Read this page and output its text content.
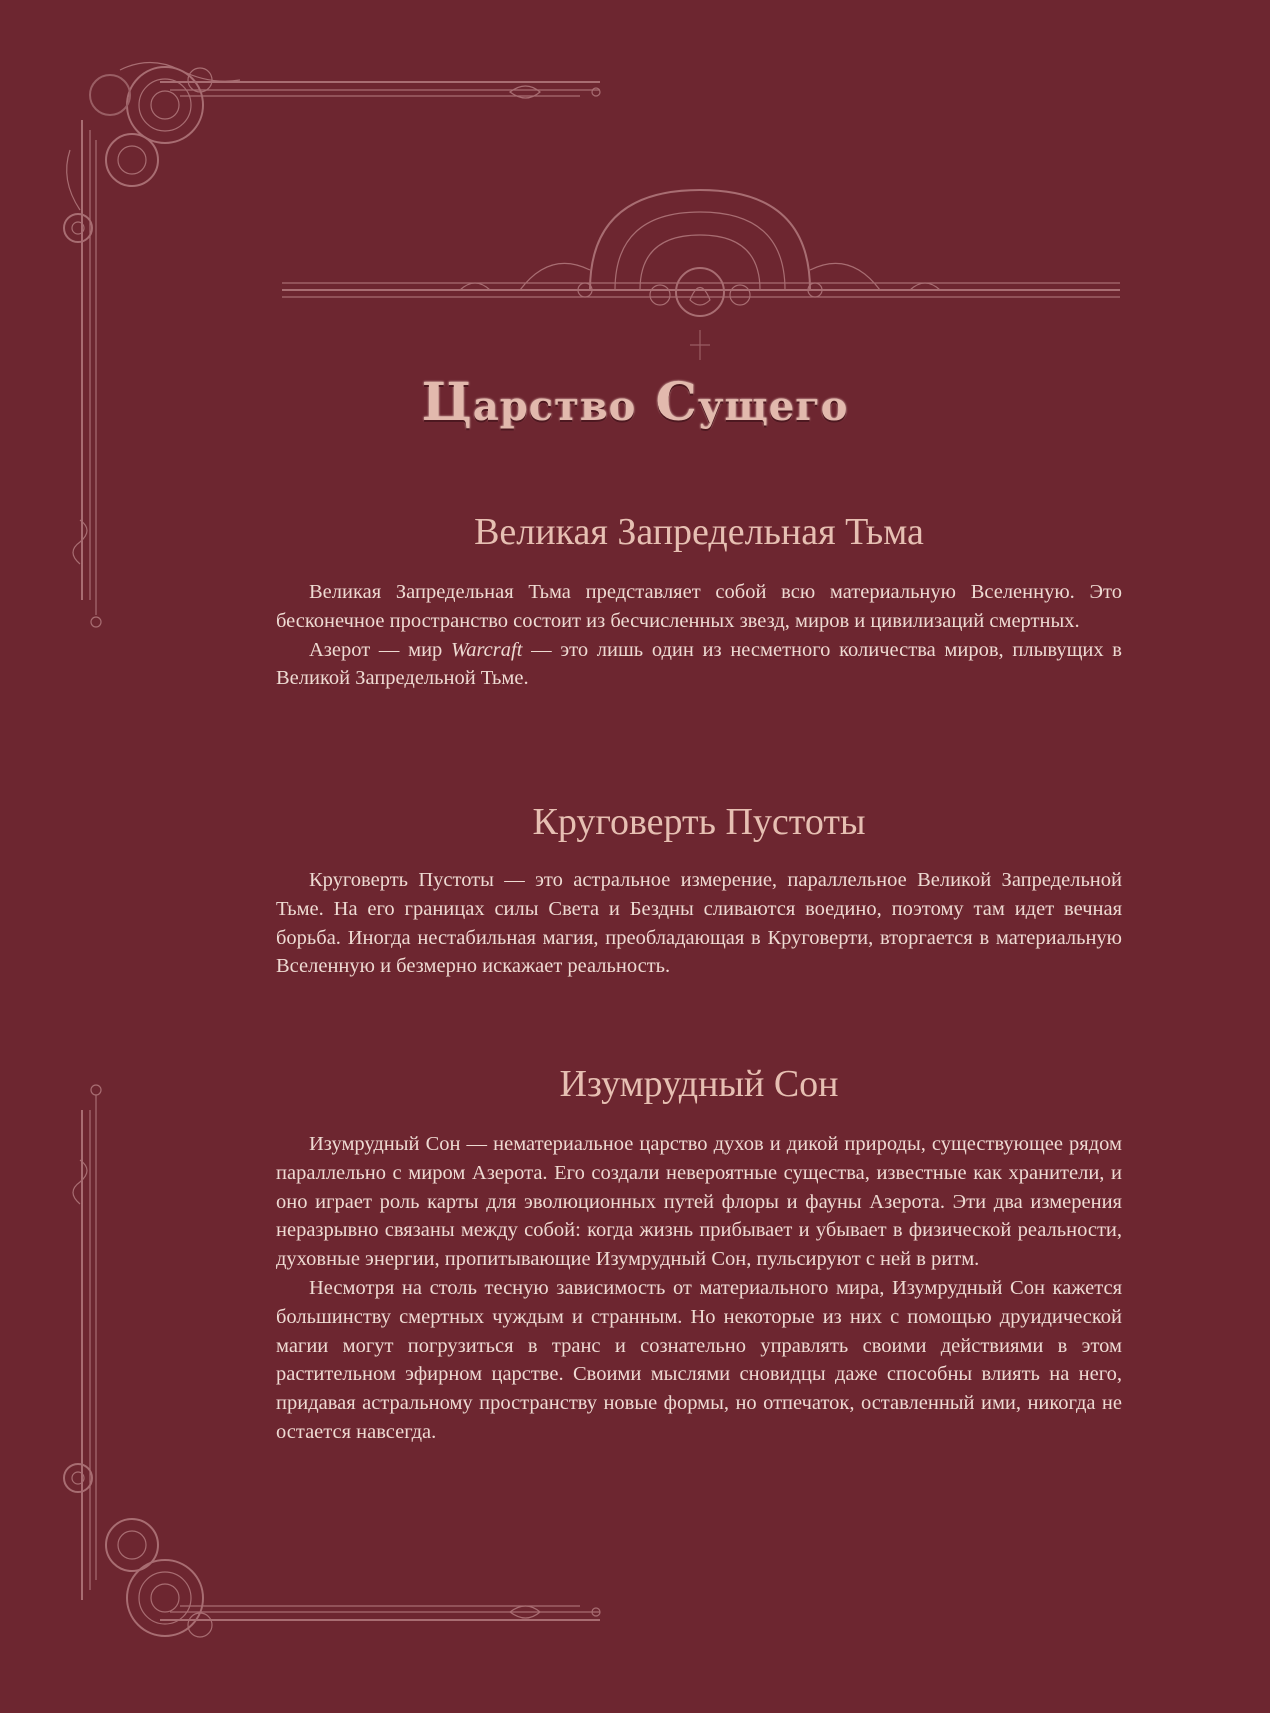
Царство Сущего
Великая Запредельная Тьма

Великая Запредельная Тьма представляет собой всю материальную Вселенную. Это бесконечное пространство состоит из бесчисленных звезд, миров и цивилизаций смертных.

Азерот — мир Warcraft — это лишь один из несметного количества миров, плывущих в Великой Запредельной Тьме.

Круговерть Пустоты

Круговерть Пустоты — это астральное измерение, параллельное Великой Запредельной Тьме. На его границах силы Света и Бездны сливаются воедино, поэтому там идет вечная борьба. Иногда нестабильная магия, преобладающая в Круговерти, вторгается в материальную Вселенную и безмерно искажает реальность.

Изумрудный Сон

Изумрудный Сон — нематериальное царство духов и дикой природы, существующее рядом параллельно с миром Азерота. Его создали невероятные существа, известные как хранители, и оно играет роль карты для эволюционных путей флоры и фауны Азерота. Эти два измерения неразрывно связаны между собой: когда жизнь прибывает и убывает в физической реальности, духовные энергии, пропитывающие Изумрудный Сон, пульсируют с ней в ритм.

Несмотря на столь тесную зависимость от материального мира, Изумрудный Сон кажется большинству смертных чуждым и странным. Но некоторые из них с помощью друидической магии могут погрузиться в транс и сознательно управлять своими действиями в этом растительном эфирном царстве. Своими мыслями сновидцы даже способны влиять на него, придавая астральному пространству новые формы, но отпечаток, оставленный ими, никогда не остается навсегда.
